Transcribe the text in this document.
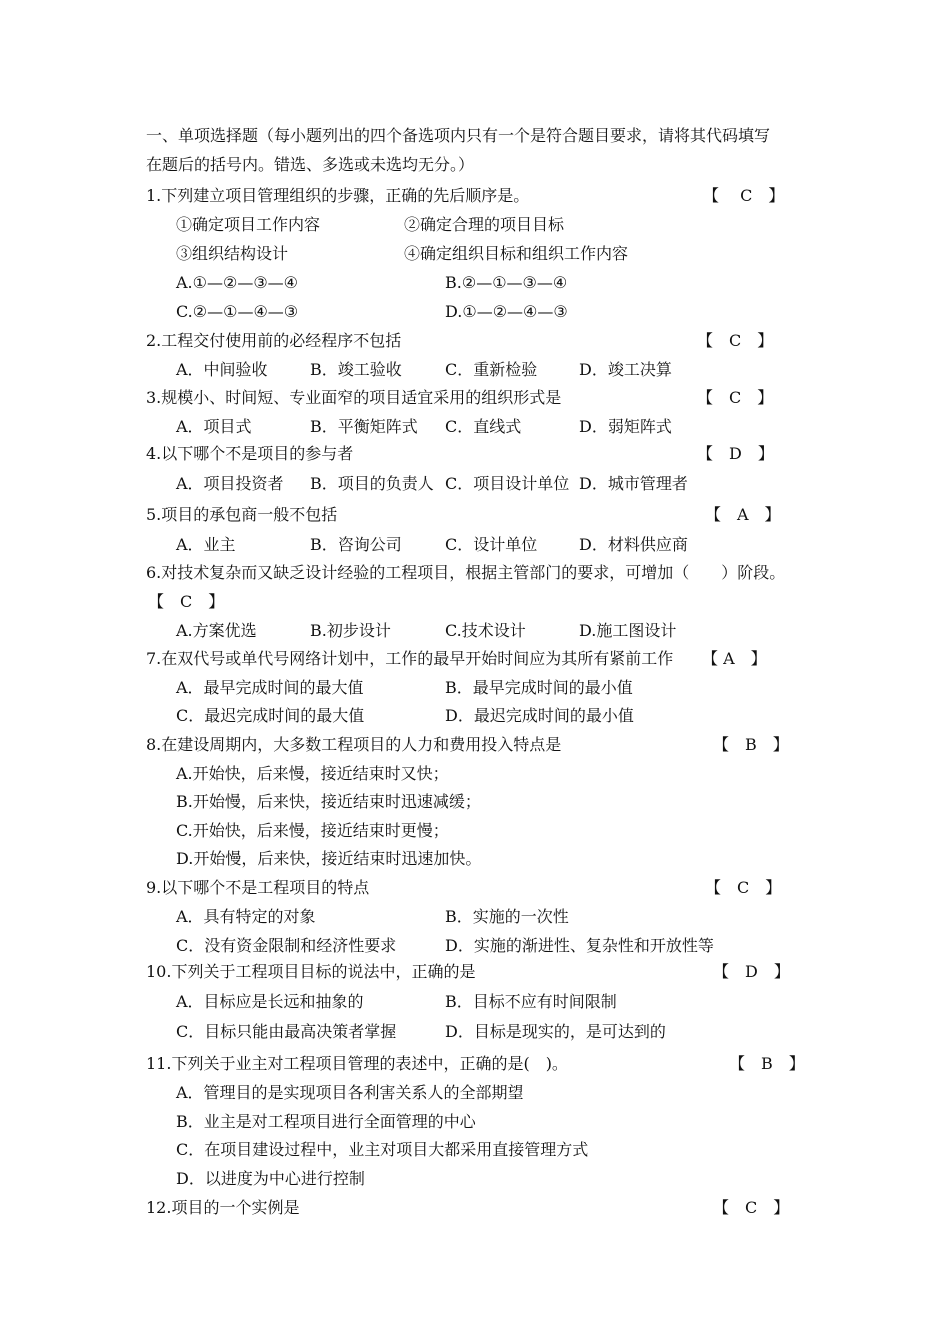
一、单项选择题（每小题列出的四个备选项内只有一个是符合题目要求，请将其代码填写
在题后的括号内。错选、多选或未选均无分。）
1.下列建立项目管理组织的步骤，正确的先后顺序是。	【　 C　】
①确定项目工作内容	②确定合理的项目目标
③组织结构设计	④确定组织目标和组织工作内容
A.①—②—③—④	B.②—①—③—④
C.②—①—④—③	D.①—②—④—③
2.工程交付使用前的必经程序不包括	【　C　】
A．中间验收	B．竣工验收	C．重新检验	D．竣工决算
3.规模小、时间短、专业面窄的项目适宜采用的组织形式是	【　C　】
A．项目式	B．平衡矩阵式 C．直线式	D．弱矩阵式
4.以下哪个不是项目的参与者	【　D　】
A．项目投资者 B．项目的负责人 C．项目设计单位 D．城市管理者
5.项目的承包商一般不包括	【　A　】
A．业主	B．咨询公司	C．设计单位	D．材料供应商
6.对技术复杂而又缺乏设计经验的工程项目，根据主管部门的要求，可增加（　　）阶段。
【　C　】
A.方案优选	B.初步设计	C.技术设计	D.施工图设计
7.在双代号或单代号网络计划中，工作的最早开始时间应为其所有紧前工作 【 A　】
A．最早完成时间的最大值	B．最早完成时间的最小值
C．最迟完成时间的最大值	D．最迟完成时间的最小值
8.在建设周期内，大多数工程项目的人力和费用投入特点是	【　B　】
A.开始快，后来慢，接近结束时又快；
B.开始慢，后来快，接近结束时迅速减缓；
C.开始快，后来慢，接近结束时更慢；
D.开始慢，后来快，接近结束时迅速加快。
9.以下哪个不是工程项目的特点	【　C　】
A．具有特定的对象	B．实施的一次性
C．没有资金限制和经济性要求	D．实施的渐进性、复杂性和开放性等
10.下列关于工程项目目标的说法中，正确的是	【　D　】
A．目标应是长远和抽象的	B．目标不应有时间限制
C．目标只能由最高决策者掌握	D．目标是现实的，是可达到的
11.下列关于业主对工程项目管理的表述中，正确的是(　)。	【　B　】
A．管理目的是实现项目各利害关系人的全部期望
B．业主是对工程项目进行全面管理的中心
C．在项目建设过程中，业主对项目大都采用直接管理方式
D．以进度为中心进行控制
12.项目的一个实例是	【　C　】
